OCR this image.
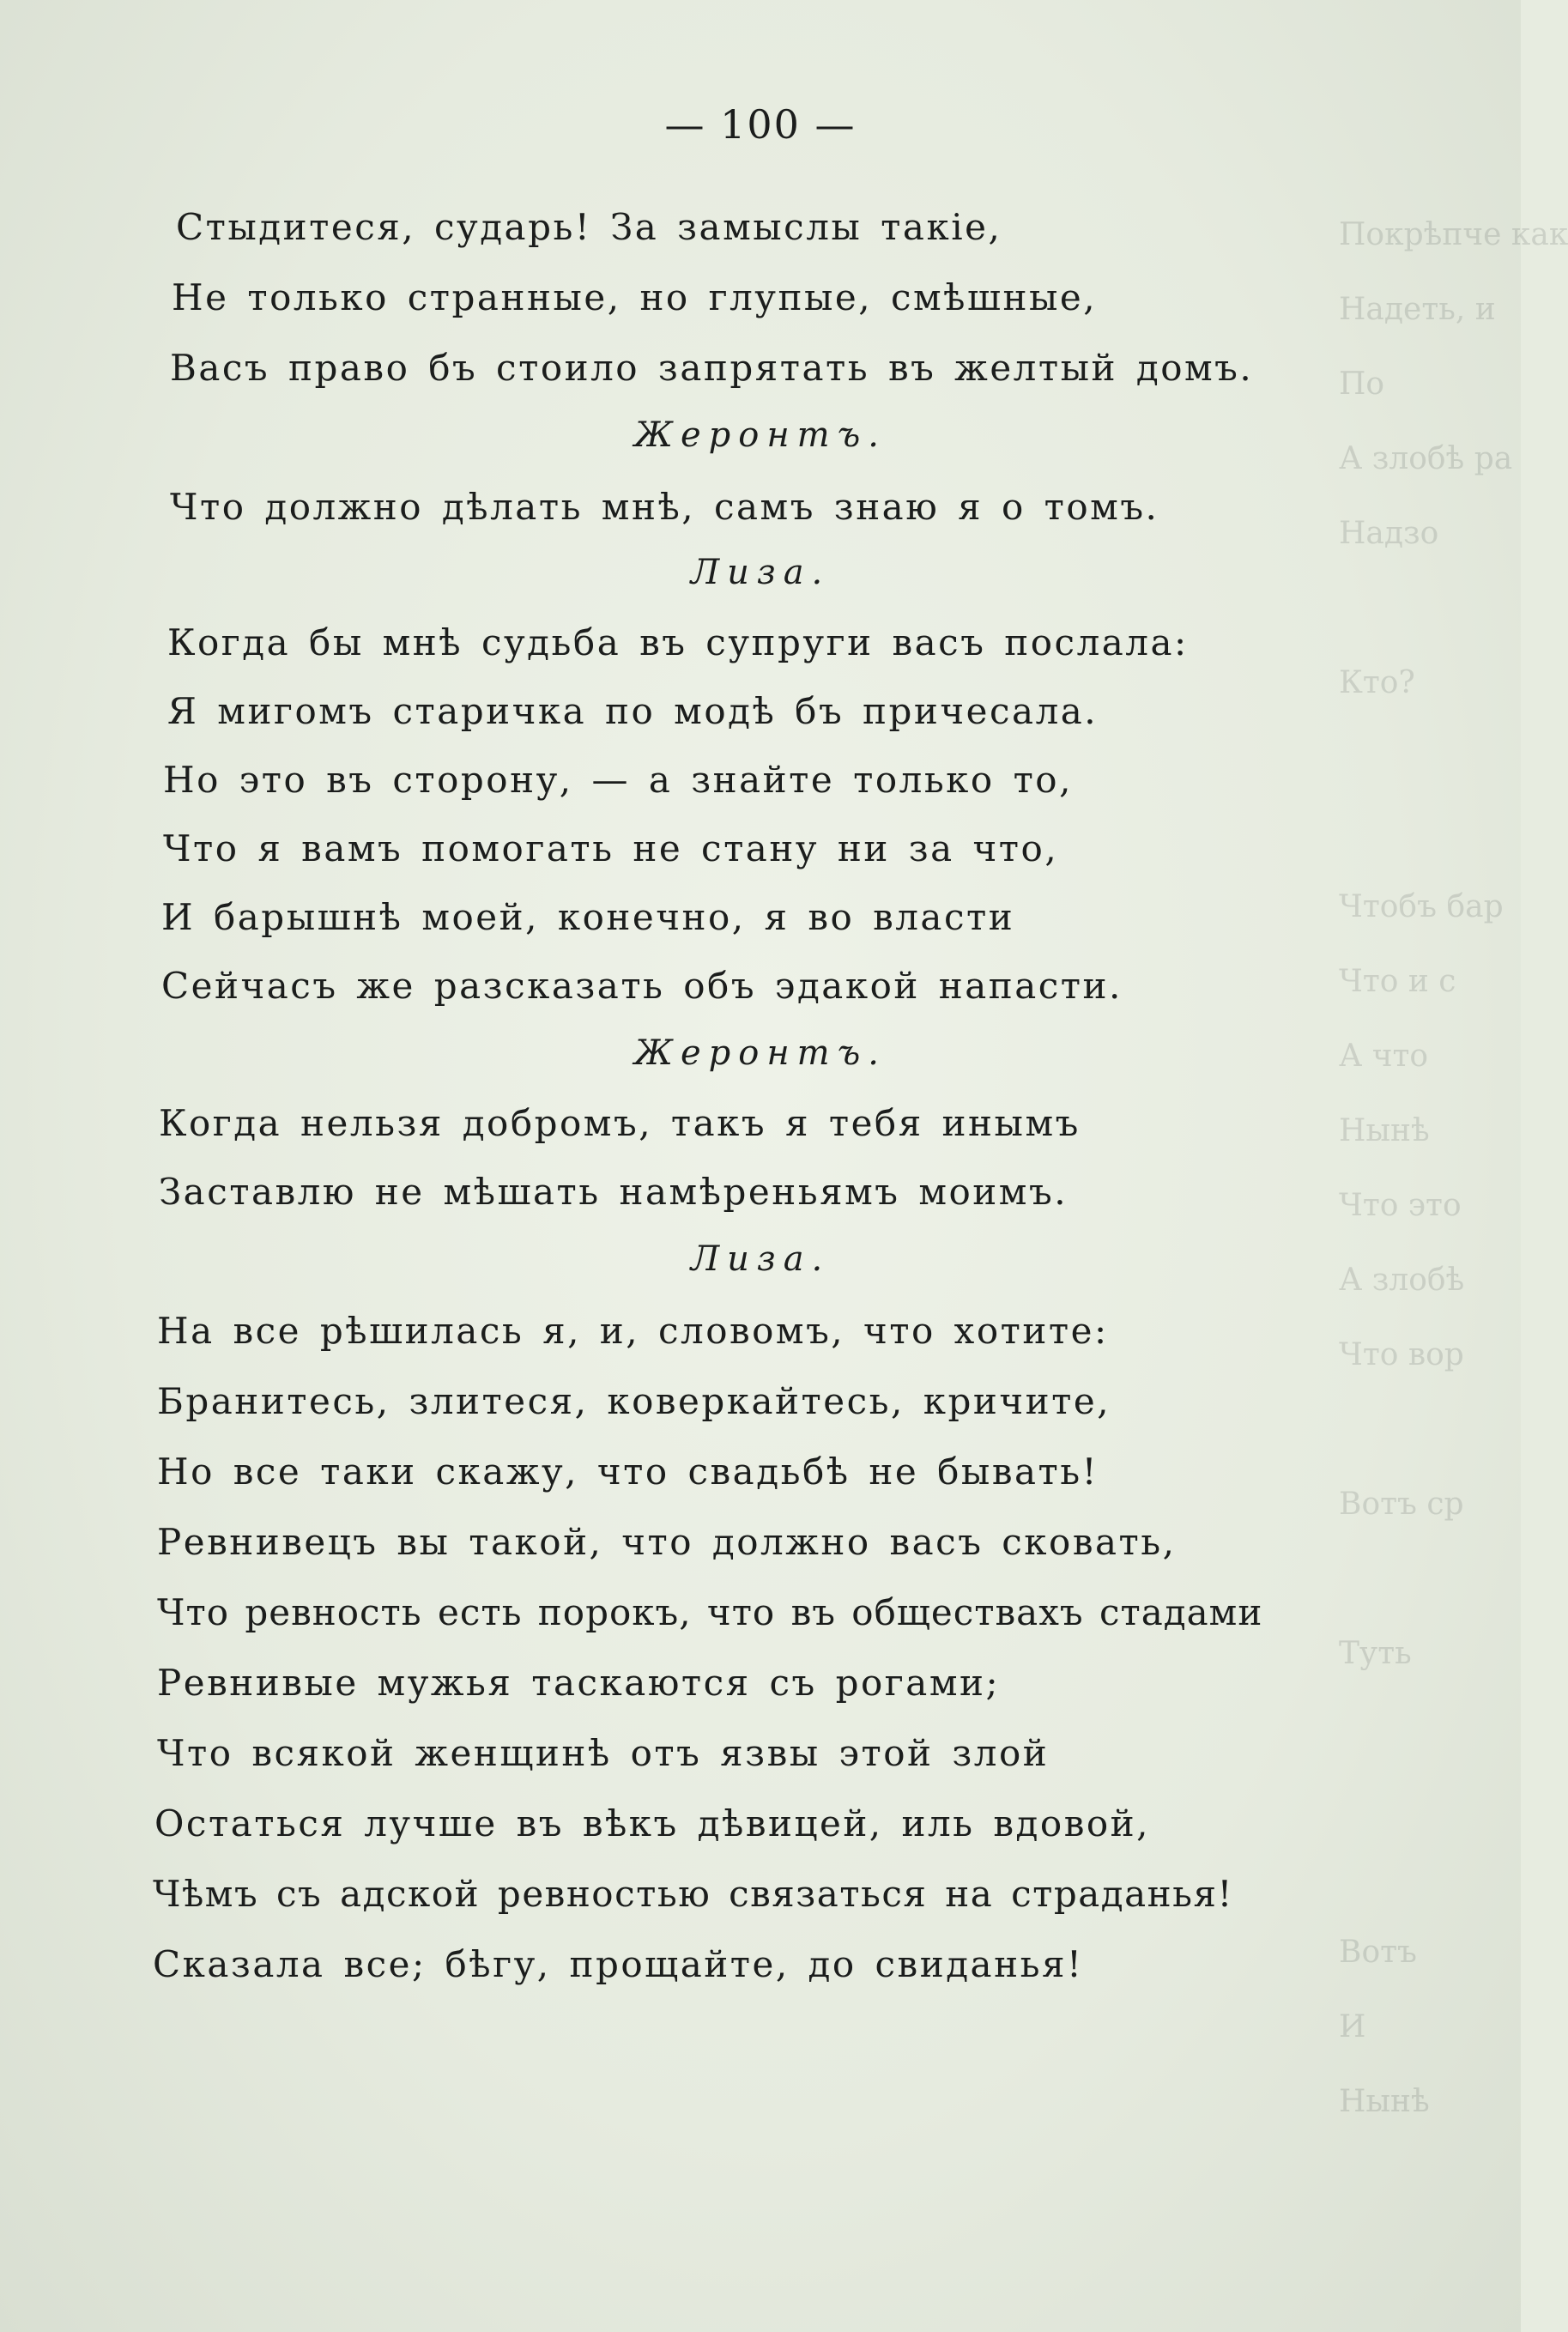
Покрѣпче как
Надеть, и
По
А злобѣ ра
Надзо

Кто?

Чтобъ бар
Что и с
А что
Нынѣ
Что это
А злобѣ
Что вор

Вотъ ср

Туть

Вотъ
И
Нынѣ
— 100 —
Стыдитеся, сударь! За замыслы такіе,
Не только странные, но глупые, смѣшные,
Васъ право бъ стоило запрятать въ желтый домъ.
Жеронтъ.
Что должно дѣлать мнѣ, самъ знаю я о томъ.
Лиза.
Когда бы мнѣ судьба въ супруги васъ послала:
Я мигомъ старичка по модѣ бъ причесала.
Но это въ сторону, — а знайте только то,
Что я вамъ помогать не стану ни за что,
И барышнѣ моей, конечно, я во власти
Сейчасъ же разсказать объ эдакой напасти.
Жеронтъ.
Когда нельзя добромъ, такъ я тебя инымъ
Заставлю не мѣшать намѣреньямъ моимъ.
Лиза.
На все рѣшилась я, и, словомъ, что хотите:
Бранитесь, злитеся, коверкайтесь, кричите,
Но все таки скажу, что свадьбѣ не бывать!
Ревнивецъ вы такой, что должно васъ сковать,
Что ревность есть порокъ, что въ обществахъ стадами
Ревнивые мужья таскаются съ рогами;
Что всякой женщинѣ отъ язвы этой злой
Остаться лучше въ вѣкъ дѣвицей, иль вдовой,
Чѣмъ съ адской ревностью связаться на страданья!
Сказала все; бѣгу, прощайте, до свиданья!
